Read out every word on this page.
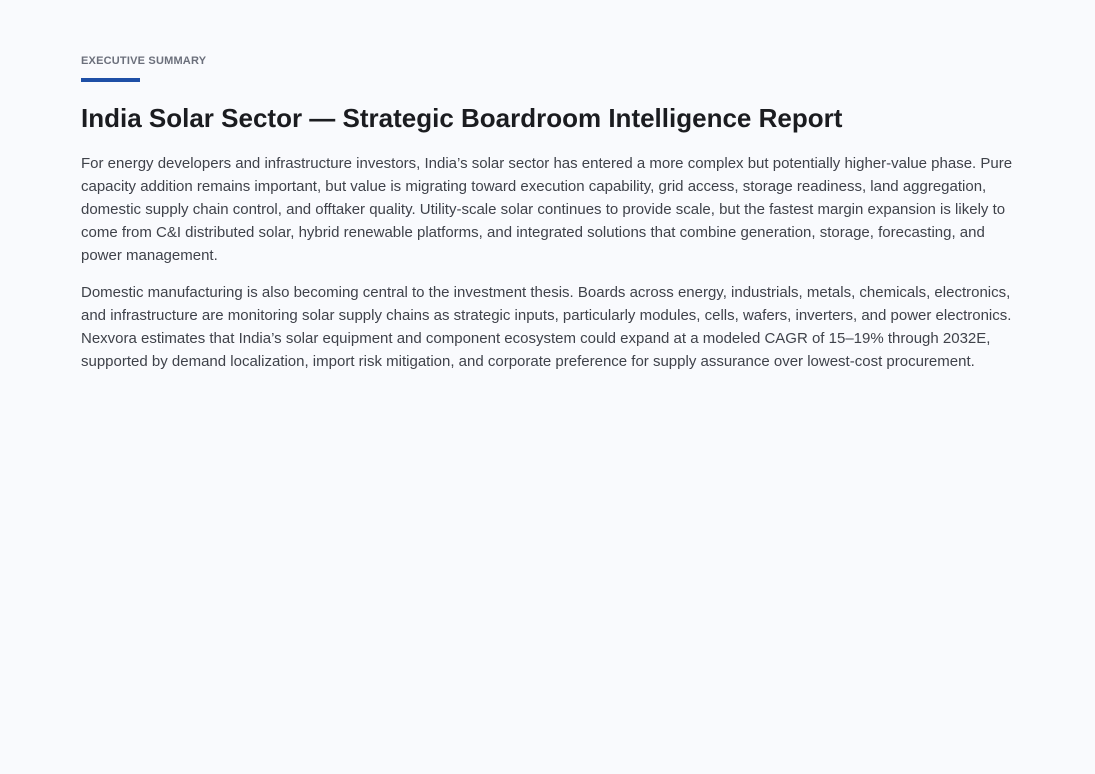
EXECUTIVE SUMMARY
India Solar Sector — Strategic Boardroom Intelligence Report

For energy developers and infrastructure investors, India’s solar sector has entered a more complex but potentially higher-value phase. Pure capacity addition remains important, but value is migrating toward execution capability, grid access, storage readiness, land aggregation, domestic supply chain control, and offtaker quality. Utility-scale solar continues to provide scale, but the fastest margin expansion is likely to come from C&I distributed solar, hybrid renewable platforms, and integrated solutions that combine generation, storage, forecasting, and power management.

Domestic manufacturing is also becoming central to the investment thesis. Boards across energy, industrials, metals, chemicals, electronics, and infrastructure are monitoring solar supply chains as strategic inputs, particularly modules, cells, wafers, inverters, and power electronics. Nexvora estimates that India’s solar equipment and component ecosystem could expand at a modeled CAGR of 15–19% through 2032E, supported by demand localization, import risk mitigation, and corporate preference for supply assurance over lowest-cost procurement.
